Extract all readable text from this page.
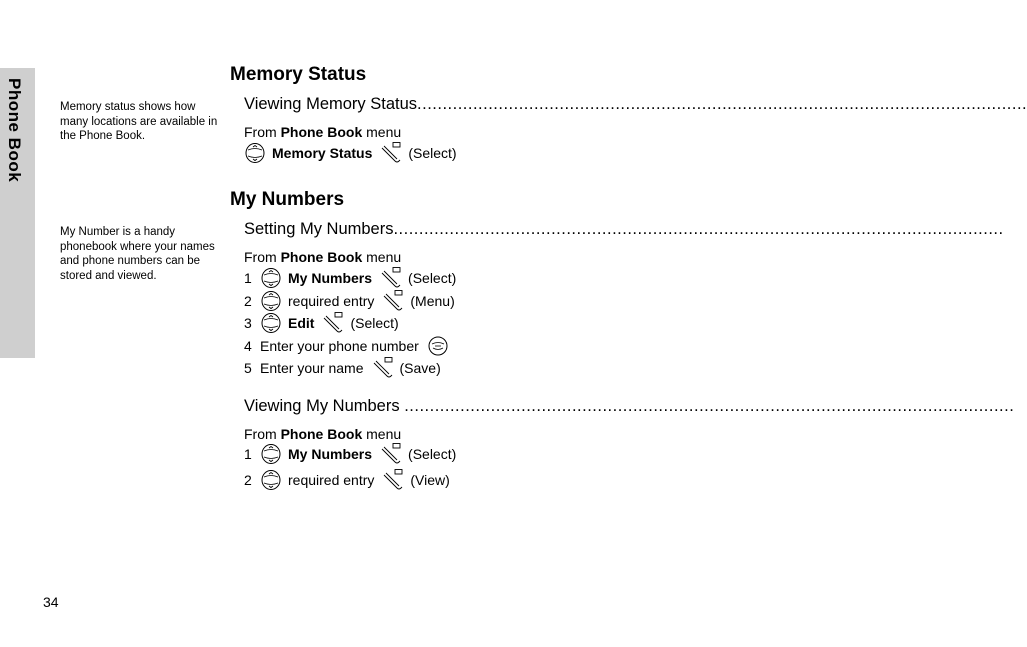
Phone Book	Memory status shows how many locations are available in the Phone Book.
My Number is a handy phonebook where your names and phone numbers can be stored and viewed.
Memory Status
Viewing Memory Status........................................................................................................................
From
Phone Book
menu
Memory Status	(Select)
My Numbers
Setting My Numbers........................................................................................................................
From
Phone Book
menu
1	My Numbers	(Select)
2	required entry	(Menu)
3	Edit	(Select)
4 Enter your phone number
5 Enter your name	(Save)
Viewing My Numbers ........................................................................................................................
From
Phone Book
menu
1	My Numbers	(Select)
2	required entry	(View)
34
